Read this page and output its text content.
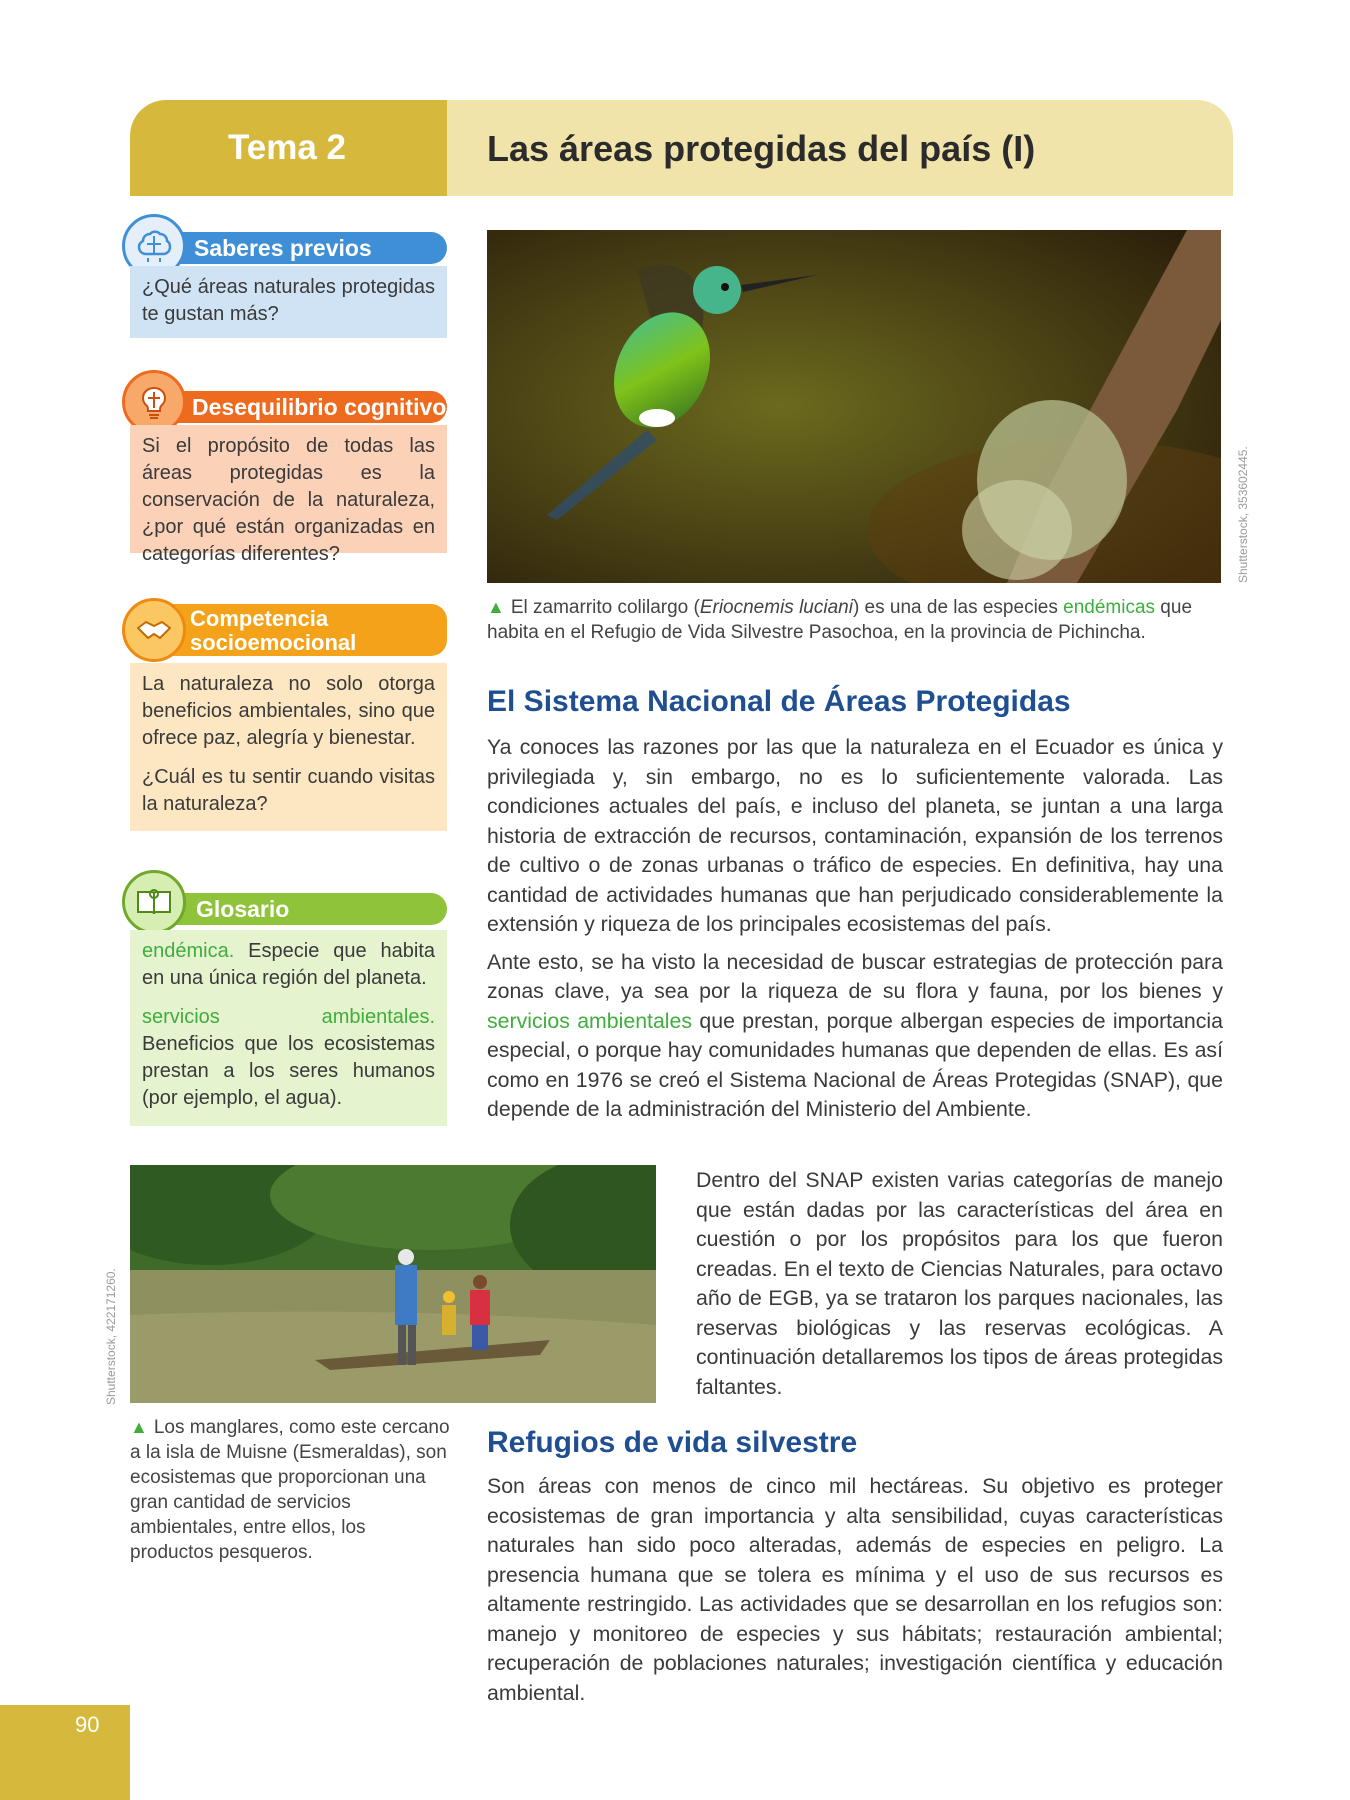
Tema 2	Las áreas protegidas del país (I)
Saberes previos
¿Qué áreas naturales protegidas te gustan más?
Desequilibrio cognitivo
Si el propósito de todas las áreas protegidas es la conservación de la naturaleza, ¿por qué están organizadas en categorías diferentes?
Competencia
socioemocional

La naturaleza no solo otorga beneficios ambientales, sino que ofrece paz, alegría y bienestar.

¿Cuál es tu sentir cuando visitas la naturaleza?

Glosario

endémica. Especie que habita en una única región del planeta.

servicios ambientales. Beneficios que los ecosistemas prestan a los seres humanos (por ejemplo, el agua).

Shutterstock, 353602445.
▲ El zamarrito colilargo (Eriocnemis luciani) es una de las especies endémicas que habita en el Refugio de Vida Silvestre Pasochoa, en la provincia de Pichincha.
El Sistema Nacional de Áreas Protegidas

Ya conoces las razones por las que la naturaleza en el Ecuador es única y privilegiada y, sin embargo, no es lo suficientemente valorada. Las condiciones actuales del país, e incluso del planeta, se juntan a una larga historia de extracción de recursos, contaminación, expansión de los terrenos de cultivo o de zonas urbanas o tráfico de especies. En definitiva, hay una cantidad de actividades humanas que han perjudicado considerablemente la extensión y riqueza de los principales ecosistemas del país.

Ante esto, se ha visto la necesidad de buscar estrategias de protección para zonas clave, ya sea por la riqueza de su flora y fauna, por los bienes y servicios ambientales que prestan, porque albergan especies de importancia especial, o porque hay comunidades humanas que dependen de ellas. Es así como en 1976 se creó el Sistema Nacional de Áreas Protegidas (SNAP), que depende de la administración del Ministerio del Ambiente.

Dentro del SNAP existen varias categorías de manejo que están dadas por las características del área en cuestión o por los propósitos para los que fueron creadas. En el texto de Ciencias Naturales, para octavo año de EGB, ya se trataron los parques nacionales, las reservas biológicas y las reservas ecológicas. A continuación detallaremos los tipos de áreas protegidas faltantes.

Shutterstock, 422171260.
▲ Los manglares, como este cercano a la isla de Muisne (Esmeraldas), son ecosistemas que proporcionan una gran cantidad de servicios ambientales, entre ellos, los productos pesqueros.
Refugios de vida silvestre

Son áreas con menos de cinco mil hectáreas. Su objetivo es proteger ecosistemas de gran importancia y alta sensibilidad, cuyas características naturales han sido poco alteradas, además de especies en peligro. La presencia humana que se tolera es mínima y el uso de sus recursos es altamente restringido. Las actividades que se desarrollan en los refugios son: manejo y monitoreo de especies y sus hábitats; restauración ambiental; recuperación de poblaciones naturales; investigación científica y educación ambiental.

90
